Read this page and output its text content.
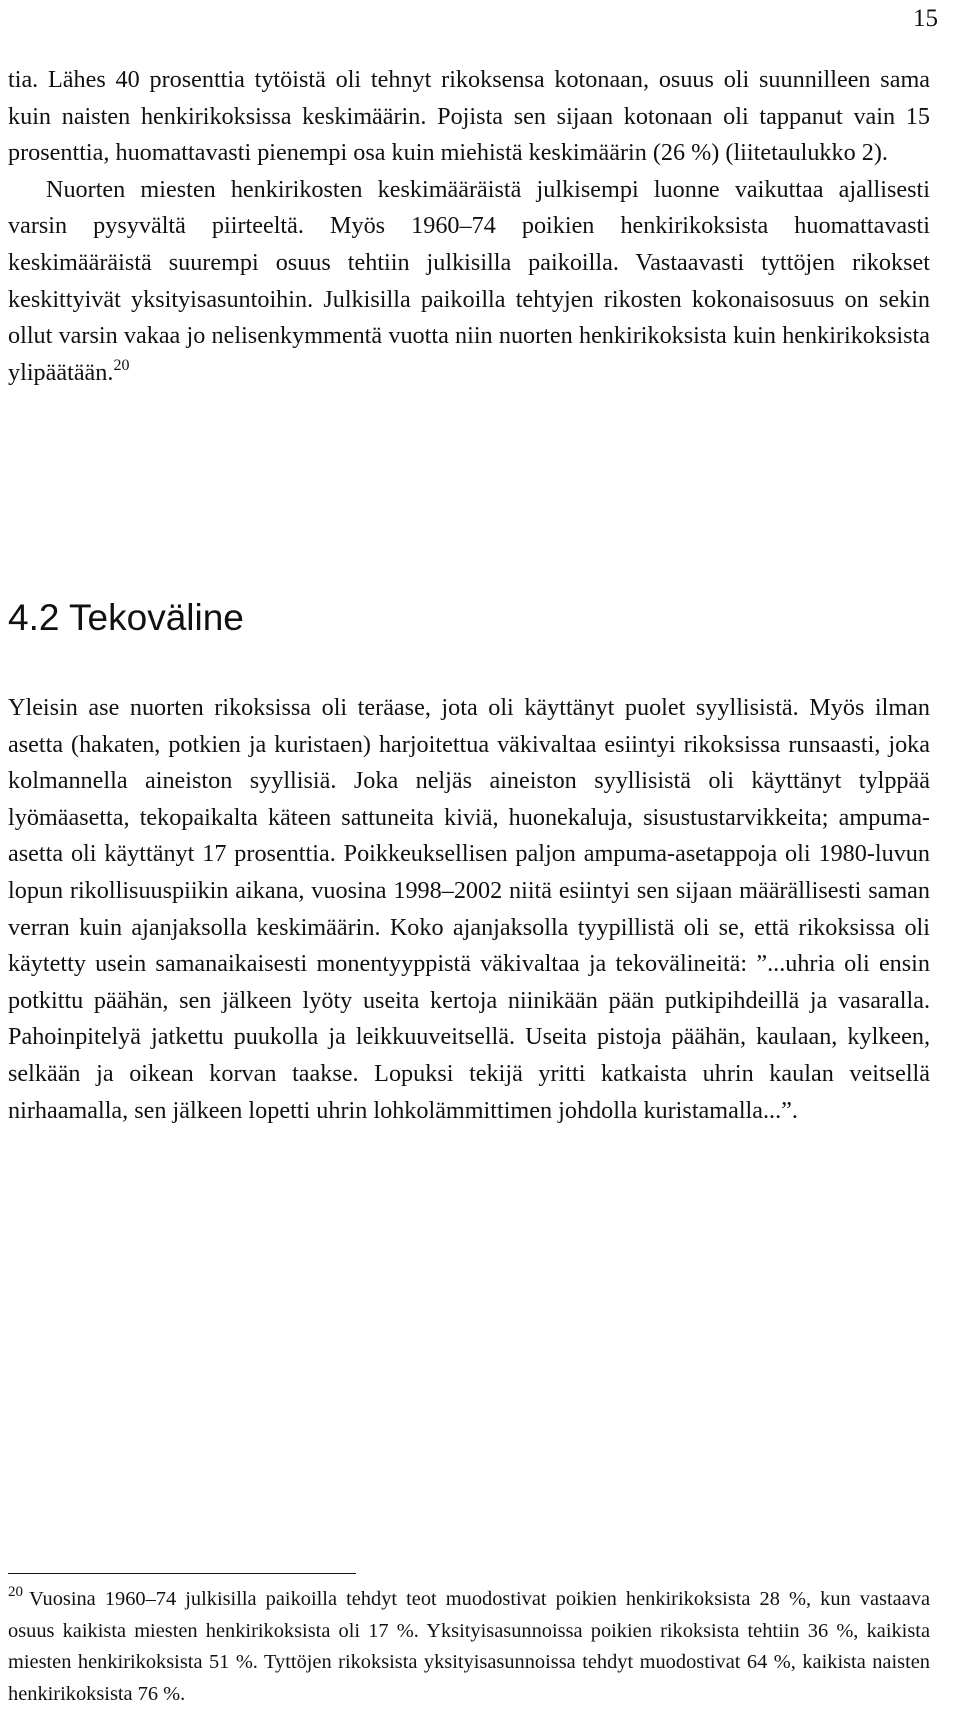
15

tia. Lähes 40 prosenttia tytöistä oli tehnyt rikoksensa kotonaan, osuus oli suunnilleen sama kuin naisten henkirikoksissa keskimäärin. Pojista sen sijaan kotonaan oli tappanut vain 15 prosenttia, huomattavasti pienempi osa kuin miehistä keskimäärin (26 %) (liitetaulukko 2).

Nuorten miesten henkirikosten keskimääräistä julkisempi luonne vaikuttaa ajallisesti varsin pysyvältä piirteeltä. Myös 1960–74 poikien henkirikoksista huomattavasti keskimääräistä suurempi osuus tehtiin julkisilla paikoilla. Vastaavasti tyttöjen rikokset keskittyivät yksityisasuntoihin. Julkisilla paikoilla tehtyjen rikosten kokonaisosuus on sekin ollut varsin vakaa jo nelisenkymmentä vuotta niin nuorten henkirikoksista kuin henkirikoksista ylipäätään.$^{20}$

4.2 Tekoväline

Yleisin ase nuorten rikoksissa oli teräase, jota oli käyttänyt puolet syyllisistä. Myös ilman asetta (hakaten, potkien ja kuristaen) harjoitettua väkivaltaa esiintyi rikoksissa runsaasti, joka kolmannella aineiston syyllisiä. Joka neljäs aineiston syyllisistä oli käyttänyt tylppää lyömäasetta, tekopaikalta käteen sattuneita kiviä, huonekaluja, sisustustarvikkeita; ampuma-asetta oli käyttänyt 17 prosenttia. Poikkeuksellisen paljon ampuma-asetappoja oli 1980-luvun lopun rikollisuuspiikin aikana, vuosina 1998–2002 niitä esiintyi sen sijaan määrällisesti saman verran kuin ajanjaksolla keskimäärin. Koko ajanjaksolla tyypillistä oli se, että rikoksissa oli käytetty usein samanaikaisesti monentyyppistä väkivaltaa ja tekovälineitä: ”...uhria oli ensin potkittu päähän, sen jälkeen lyöty useita kertoja niinikään pään putkipihdeillä ja vasaralla. Pahoinpitelyä jatkettu puukolla ja leikkuuveitsellä. Useita pistoja päähän, kaulaan, kylkeen, selkään ja oikean korvan taakse. Lopuksi tekijä yritti katkaista uhrin kaulan veitsellä nirhaamalla, sen jälkeen lopetti uhrin lohkolämmittimen johdolla kuristamalla...”.

$^{20}$ Vuosina 1960–74 julkisilla paikoilla tehdyt teot muodostivat poikien henkirikoksista 28 %, kun vastaava osuus kaikista miesten henkirikoksista oli 17 %. Yksityisasunnoissa poikien rikoksista tehtiin 36 %, kaikista miesten henkirikoksista 51 %. Tyttöjen rikoksista yksityisasunnoissa tehdyt muodostivat 64 %, kaikista naisten henkirikoksista 76 %.
